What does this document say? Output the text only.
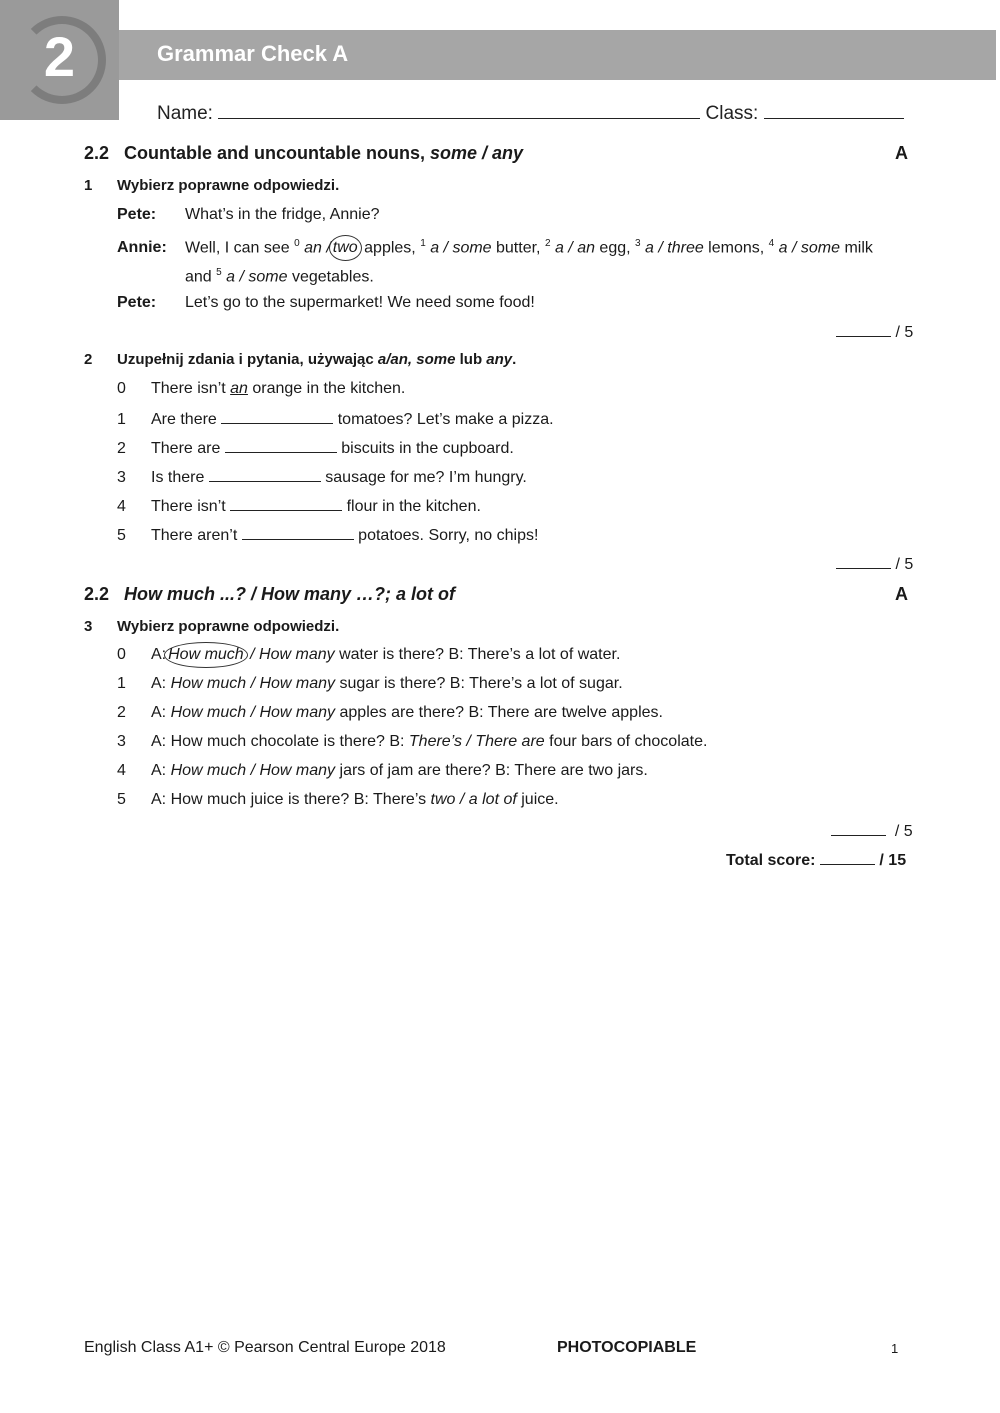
2	Grammar Check A
Name:	Class:
2.2 Countable and uncountable nouns, some / any	A
1 Wybierz poprawne odpowiedzi.
Pete: What’s in the fridge, Annie?
Annie: Well, I can see $^0$ an / two apples, $^1$ a / some butter, $^2$ a / an egg, $^3$ a / three lemons, $^4$ a / some milk
and $^5$ a / some vegetables.
Pete: Let’s go to the supermarket! We need some food!
/ 5
2 Uzupełnij zdania i pytania, używając a/an, some lub any.
0 There isn’t an orange in the kitchen.
1 Are there	tomatoes? Let’s make a pizza.
2 There are	biscuits in the cupboard.
3 Is there	sausage for me? I’m hungry.
4 There isn’t	flour in the kitchen.
5 There aren’t	potatoes. Sorry, no chips!
/ 5
2.2 How much ...? / How many …?; a lot of	A
3 Wybierz poprawne odpowiedzi.
0 A: How much / How many water is there? B: There’s a lot of water.
1 A: How much / How many sugar is there? B: There’s a lot of sugar.
2 A: How much / How many apples are there? B: There are twelve apples.
3 A: How much chocolate is there? B: There’s / There are four bars of chocolate.
4 A: How much / How many jars of jam are there? B: There are two jars.
5 A: How much juice is there? B: There’s two / a lot of juice.
/ 5
Total score:	/ 15
English Class A1+ © Pearson Central Europe 2018	PHOTOCOPIABLE	1
